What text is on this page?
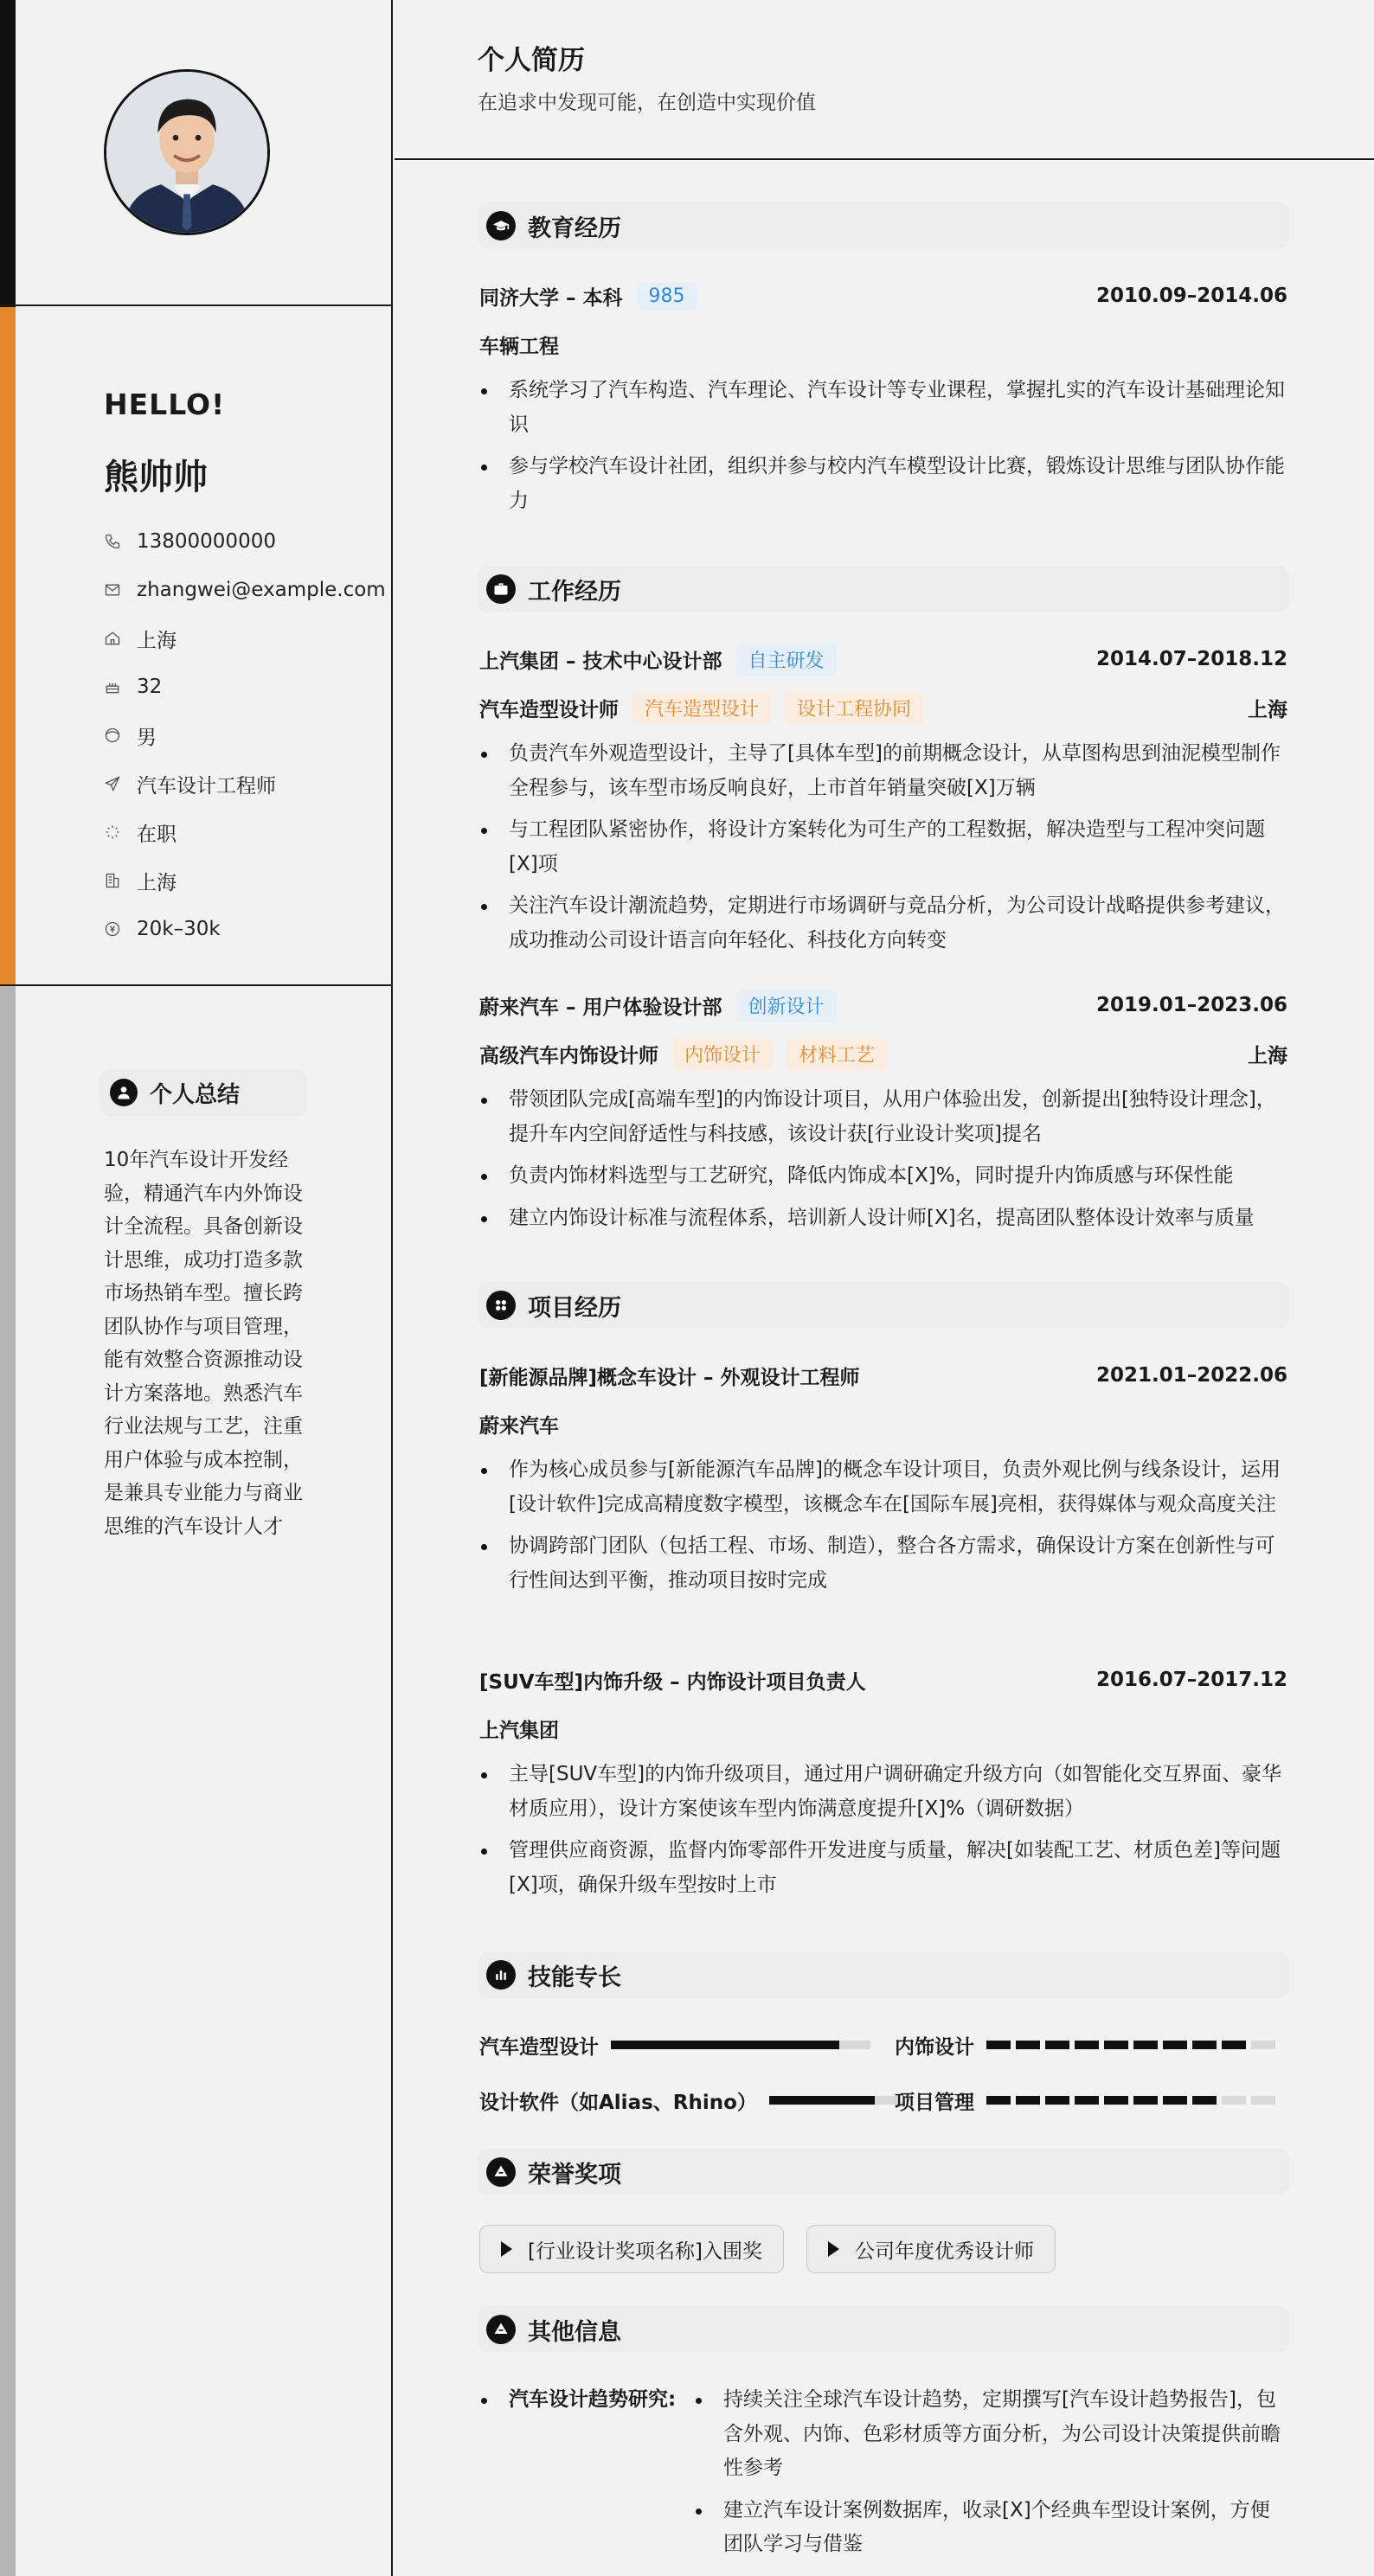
HELLO!
熊帅帅
13800000000
zhangwei@example.com
上海
32
男
汽车设计工程师
在职
上海
20k–30k
个人总结

10年汽车设计开发经验，精通汽车内外饰设计全流程。具备创新设计思维，成功打造多款市场热销车型。擅长跨团队协作与项目管理，能有效整合资源推动设计方案落地。熟悉汽车行业法规与工艺，注重用户体验与成本控制，是兼具专业能力与商业思维的汽车设计人才

个人简历
在追求中发现可能，在创造中实现价值
教育经历
同济大学 – 本科	985	2010.09–2014.06
车辆工程
系统学习了汽车构造、汽车理论、汽车设计等专业课程，掌握扎实的汽车设计基础理论知识
参与学校汽车设计社团，组织并参与校内汽车模型设计比赛，锻炼设计思维与团队协作能力
工作经历
上汽集团 – 技术中心设计部	自主研发	2014.07–2018.12
汽车造型设计师	汽车造型设计	设计工程协同	上海
负责汽车外观造型设计，主导了[具体车型]的前期概念设计，从草图构思到油泥模型制作全程参与，该车型市场反响良好，上市首年销量突破[X]万辆
与工程团队紧密协作，将设计方案转化为可生产的工程数据，解决造型与工程冲突问题[X]项
关注汽车设计潮流趋势，定期进行市场调研与竞品分析，为公司设计战略提供参考建议，成功推动公司设计语言向年轻化、科技化方向转变
蔚来汽车 – 用户体验设计部	创新设计	2019.01–2023.06
高级汽车内饰设计师	内饰设计	材料工艺	上海
带领团队完成[高端车型]的内饰设计项目，从用户体验出发，创新提出[独特设计理念]，提升车内空间舒适性与科技感，该设计获[行业设计奖项]提名
负责内饰材料选型与工艺研究，降低内饰成本[X]%，同时提升内饰质感与环保性能
建立内饰设计标准与流程体系，培训新人设计师[X]名，提高团队整体设计效率与质量
项目经历
[新能源品牌]概念车设计 – 外观设计工程师	2021.01–2022.06
蔚来汽车
作为核心成员参与[新能源汽车品牌]的概念车设计项目，负责外观比例与线条设计，运用[设计软件]完成高精度数字模型，该概念车在[国际车展]亮相，获得媒体与观众高度关注
协调跨部门团队（包括工程、市场、制造），整合各方需求，确保设计方案在创新性与可行性间达到平衡，推动项目按时完成
[SUV车型]内饰升级 – 内饰设计项目负责人	2016.07–2017.12
上汽集团
主导[SUV车型]的内饰升级项目，通过用户调研确定升级方向（如智能化交互界面、豪华材质应用），设计方案使该车型内饰满意度提升[X]%（调研数据）
管理供应商资源，监督内饰零部件开发进度与质量，解决[如装配工艺、材质色差]等问题[X]项，确保升级车型按时上市
技能专长
汽车造型设计	内饰设计
设计软件（如Alias、Rhino）	项目管理
荣誉奖项
[行业设计奖项名称]入围奖	公司年度优秀设计师
其他信息
汽车设计趋势研究:	持续关注全球汽车设计趋势，定期撰写[汽车设计趋势报告]，包含外观、内饰、色彩材质等方面分析，为公司设计决策提供前瞻性参考
建立汽车设计案例数据库，收录[X]个经典车型设计案例，方便团队学习与借鉴
